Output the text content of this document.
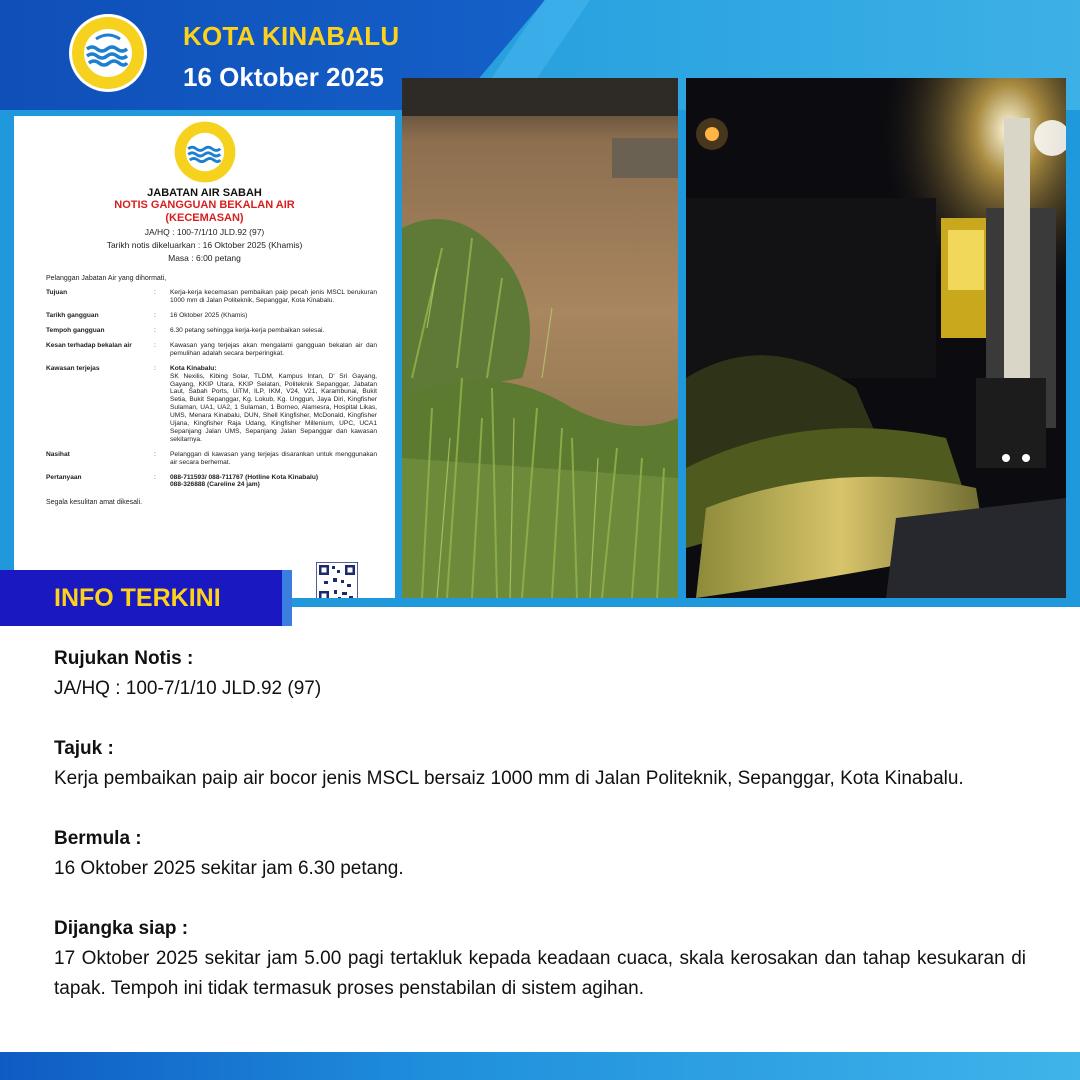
KOTA KINABALU
16 Oktober 2025
JABATAN AIR SABAH
NOTIS GANGGUAN BEKALAN AIR
(KECEMASAN)
JA/HQ : 100-7/1/10 JLD.92 (97)
Tarikh notis dikeluarkan : 16 Oktober 2025 (Khamis)
Masa : 6:00 petang
Pelanggan Jabatan Air yang dihormati,
Tujuan	:	Kerja-kerja kecemasan pembaikan paip pecah jenis MSCL berukuran 1000 mm di Jalan Politeknik, Sepanggar, Kota Kinabalu.
Tarikh gangguan	:	16 Oktober 2025 (Khamis)
Tempoh gangguan	:	6.30 petang sehingga kerja-kerja pembaikan selesai.
Kesan terhadap bekalan air	:	Kawasan yang terjejas akan mengalami gangguan bekalan air dan pemulihan adalah secara berperingkat.
Kawasan terjejas	:	Kota Kinabalu:
SK Nexilis, Kibing Solar, TLDM, Kampus Intan, D' Sri Gayang, Gayang, KKIP Utara, KKIP Selatan, Politeknik Sepanggar, Jabatan Laut, Sabah Ports, UiTM, ILP, IKM, V24, V21, Karambunai, Bukit Setia, Bukit Sepanggar, Kg. Lokub, Kg. Unggun, Jaya Diri, Kingfisher Sulaman, UA1, UA2, 1 Sulaman, 1 Borneo, Alamesra, Hospital Likas, UMS, Menara Kinabalu, DUN, Shell Kingfisher, McDonald, Kingfisher Ujana, Kingfisher Raja Udang, Kingfisher Millenium, UPC, UCA1 Sepanjang Jalan UMS, Sepanjang Jalan Sepanggar dan kawasan sekitarnya.
Nasihat	:	Pelanggan di kawasan yang terjejas disarankan untuk menggunakan air secara berhemat.
Pertanyaan	:	088-711593/ 088-711767 (Hotline Kota Kinabalu)
088-326888 (Careline 24 jam)
Segala kesulitan amat dikesali.
INFO TERKINI
Rujukan Notis :

JA/HQ : 100-7/1/10 JLD.92 (97)

Tajuk :

Kerja pembaikan paip air bocor jenis MSCL bersaiz 1000 mm di Jalan Politeknik, Sepanggar, Kota Kinabalu.

Bermula :

16 Oktober 2025 sekitar jam 6.30 petang.

Dijangka siap :

17 Oktober 2025 sekitar jam 5.00 pagi tertakluk kepada keadaan cuaca, skala kerosakan dan tahap kesukaran di tapak. Tempoh ini tidak termasuk proses penstabilan di sistem agihan.
